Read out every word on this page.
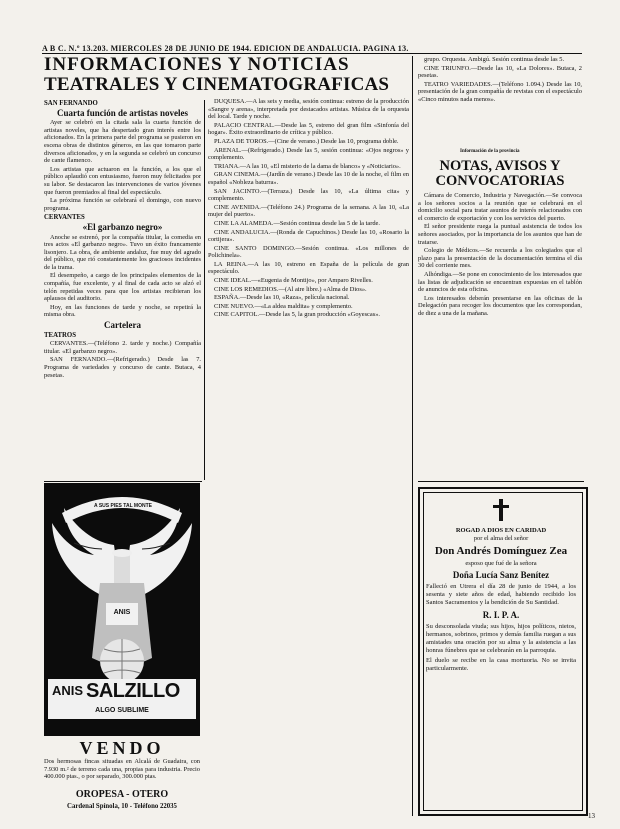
A B C. N.º 13.203. MIERCOLES 28 DE JUNIO DE 1944. EDICION DE ANDALUCIA. PAGINA 13.
INFORMACIONES Y NOTICIAS
TEATRALES Y CINEMATOGRAFICAS
SAN FERNANDO
Cuarta función de artistas noveles

Ayer se celebró en la citada sala la cuarta función de artistas noveles, que ha despertado gran interés entre los aficionados. En la primera parte del programa se pusieron en escena obras de distintos géneros, en las que tomaron parte diversos aficionados, y en la segunda se celebró un concurso de cante flamenco.

Los artistas que actuaron en la función, a los que el público aplaudió con entusiasmo, fueron muy felicitados por su labor. Se destacaron las intervenciones de varios jóvenes que fueron premiados al final del espectáculo.

La próxima función se celebrará el domingo, con nuevo programa.

CERVANTES
«El garbanzo negro»

Anoche se estrenó, por la compañía titular, la comedia en tres actos «El garbanzo negro». Tuvo un éxito francamente lisonjero. La obra, de ambiente andaluz, fue muy del agrado del público, que rió constantemente los graciosos incidentes de la trama.

El desempeño, a cargo de los principales elementos de la compañía, fue excelente, y al final de cada acto se alzó el telón repetidas veces para que los artistas recibieran los aplausos del auditorio.

Hoy, en las funciones de tarde y noche, se repetirá la misma obra.

Cartelera
TEATROS

CERVANTES.—(Teléfono 2. tarde y noche.) Compañía titular. «El garbanzo negro».

SAN FERNANDO.—(Refrigerado.) Desde las 7. Programa de variedades y concurso de cante. Butaca, 4 pesetas.

DUQUESA.—A las seis y media, sesión continua: estreno de la producción «Sangre y arena», interpretada por destacados artistas. Música de la orquesta del local. Tarde y noche.

PALACIO CENTRAL.—Desde las 5, estreno del gran film «Sinfonía del hogar». Éxito extraordinario de crítica y público.

PLAZA DE TOROS.—(Cine de verano.) Desde las 10, programa doble.

ARENAL.—(Refrigerado.) Desde las 5, sesión continua: «Ojos negros» y complemento.

TRIANA.—A las 10, «El misterio de la dama de blanco» y «Noticiario».

GRAN CINEMA.—(Jardín de verano.) Desde las 10 de la noche, el film en español «Nobleza baturra».

SAN JACINTO.—(Terraza.) Desde las 10, «La última cita» y complemento.

CINE AVENIDA.—(Teléfono 24.) Programa de la semana. A las 10, «La mujer del puerto».

CINE LA ALAMEDA.—Sesión continua desde las 5 de la tarde.

CINE ANDALUCIA.—(Ronda de Capuchinos.) Desde las 10, «Rosario la cortijera».

CINE SANTO DOMINGO.—Sesión continua. «Los millones de Polichinela».

LA REINA.—A las 10, estreno en España de la película de gran espectáculo.

CINE IDEAL.—«Eugenia de Montijo», por Amparo Rivelles.

CINE LOS REMEDIOS.—(Al aire libre.) «Alma de Dios».

ESPAÑA.—Desde las 10, «Raza», película nacional.

CINE NUEVO.—«La aldea maldita» y complemento.

CINE CAPITOL.—Desde las 5, la gran producción «Goyescas».

grupo. Orquesta. Ambigú. Sesión continua desde las 5.

CINE TRIUNFO.—Desde las 10, «La Dolores». Butaca, 2 pesetas.

TEATRO VARIEDADES.—(Teléfono 1.094.) Desde las 10, presentación de la gran compañía de revistas con el espectáculo «Cinco minutos nada menos».

Información de la provincia
NOTAS, AVISOS Y CONVOCATORIAS

Cámara de Comercio, Industria y Navegación.—Se convoca a los señores socios a la reunión que se celebrará en el domicilio social para tratar asuntos de interés relacionados con el comercio de exportación y con los servicios del puerto.

El señor presidente ruega la puntual asistencia de todos los señores asociados, por la importancia de los asuntos que han de tratarse.

Colegio de Médicos.—Se recuerda a los colegiados que el plazo para la presentación de la documentación termina el día 30 del corriente mes.

Alhóndiga.—Se pone en conocimiento de los interesados que las listas de adjudicación se encuentran expuestas en el tablón de anuncios de esta oficina.

Los interesados deberán presentarse en las oficinas de la Delegación para recoger los documentos que les correspondan, de diez a una de la mañana.

A SUS PIES TAL MONTE
ANIS
ANIS SALZILLO
ALGO SUBLIME
VENDO
Dos hermosas fincas situadas en Alcalá de Guadaira, con 7.930 m.² de terreno cada una, propias para industria. Precio 400.000 ptas., o por separado, 300.000 ptas.
OROPESA - OTERO
Cardenal Spínola, 10 - Teléfono 22035
ROGAD A DIOS EN CARIDAD
por el alma del señor
Don Andrés Domínguez Zea
esposo que fué de la señora
Doña Lucía Sanz Benítez
Falleció en Utrera el día 28 de junio de 1944, a los sesenta y siete años de edad, habiendo recibido los Santos Sacramentos y la bendición de Su Santidad.
R. I. P. A.
Su desconsolada viuda; sus hijos, hijos políticos, nietos, hermanos, sobrinos, primos y demás familia ruegan a sus amistades una oración por su alma y la asistencia a las honras fúnebres que se celebrarán en la parroquia.
El duelo se recibe en la casa mortuoria. No se invita particularmente.
13
